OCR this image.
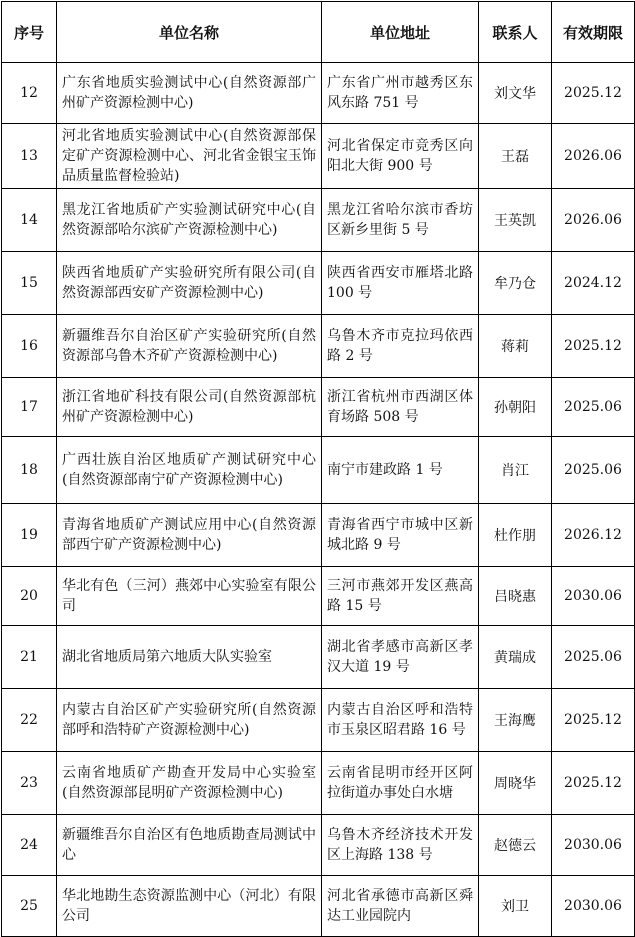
序号	单位名称	单位地址	联系人	有效期限
12	广东省地质实验测试中心(自然资源部广州矿产资源检测中心)	广东省广州市越秀区东风东路 751 号	刘文华	2025.12
13	河北省地质实验测试中心(自然资源部保定矿产资源检测中心、河北省金银宝玉饰品质量监督检验站)	河北省保定市竞秀区向阳北大街 900 号	王磊	2026.06
14	黑龙江省地质矿产实验测试研究中心(自然资源部哈尔滨矿产资源检测中心)	黑龙江省哈尔滨市香坊区新乡里街 5 号	王英凯	2026.06
15	陕西省地质矿产实验研究所有限公司(自然资源部西安矿产资源检测中心)	陕西省西安市雁塔北路 100 号	牟乃仓	2024.12
16	新疆维吾尔自治区矿产实验研究所(自然资源部乌鲁木齐矿产资源检测中心)	乌鲁木齐市克拉玛依西路 2 号	蒋莉	2025.12
17	浙江省地矿科技有限公司(自然资源部杭州矿产资源检测中心)	浙江省杭州市西湖区体育场路 508 号	孙朝阳	2025.06
18	广西壮族自治区地质矿产测试研究中心(自然资源部南宁矿产资源检测中心)	南宁市建政路 1 号	肖江	2025.06
19	青海省地质矿产测试应用中心(自然资源部西宁矿产资源检测中心)	青海省西宁市城中区新城北路 9 号	杜作朋	2026.12
20	华北有色（三河）燕郊中心实验室有限公司	三河市燕郊开发区燕高路 15 号	吕晓惠	2030.06
21	湖北省地质局第六地质大队实验室	湖北省孝感市高新区孝汉大道 19 号	黄瑞成	2025.06
22	内蒙古自治区矿产实验研究所(自然资源部呼和浩特矿产资源检测中心)	内蒙古自治区呼和浩特市玉泉区昭君路 16 号	王海鹰	2025.12
23	云南省地质矿产勘查开发局中心实验室(自然资源部昆明矿产资源检测中心)	云南省昆明市经开区阿拉街道办事处白水塘	周晓华	2025.12
24	新疆维吾尔自治区有色地质勘查局测试中心	乌鲁木齐经济技术开发区上海路 138 号	赵德云	2030.06
25	华北地勘生态资源监测中心（河北）有限公司	河北省承德市高新区舜达工业园院内	刘卫	2030.06
